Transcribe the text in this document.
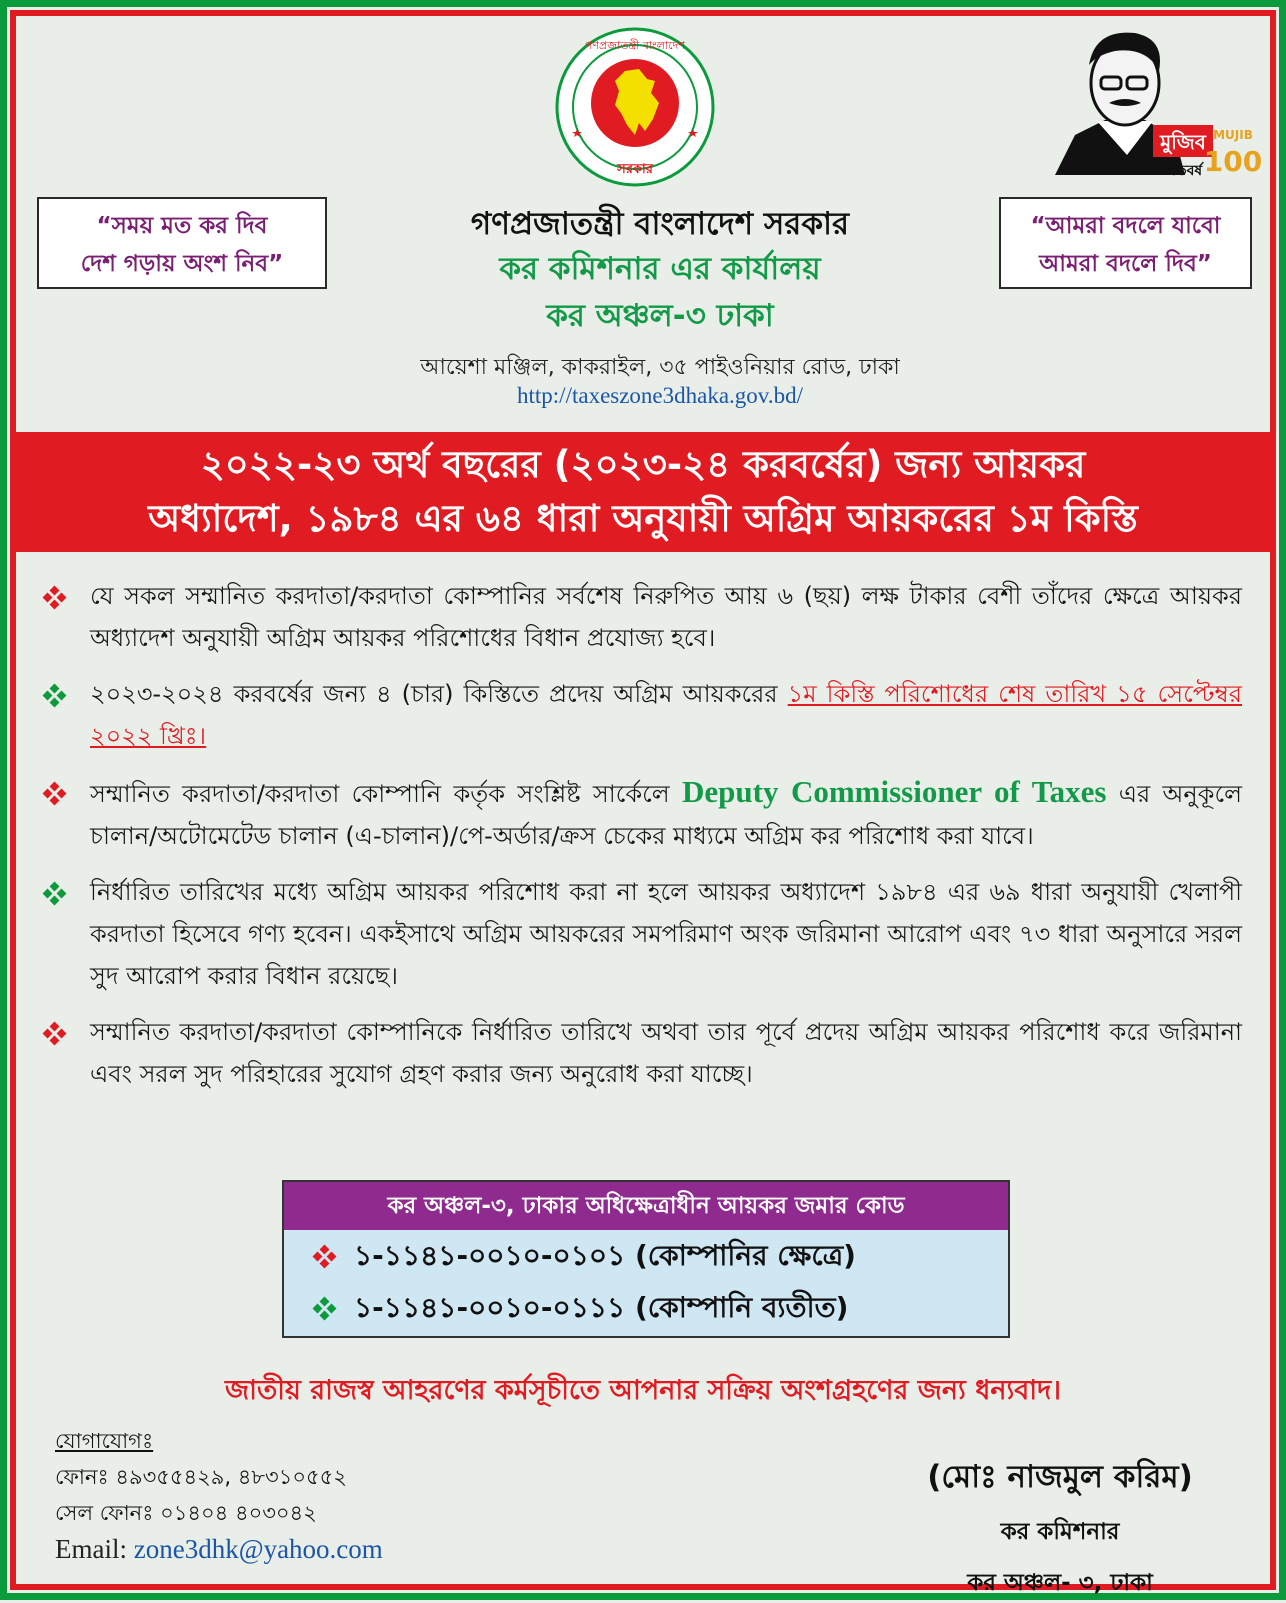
গণপ্রজাতন্ত্রী বাংলাদেশ
সরকার
মুজিব MUJIB
শতবর্ষ 100
“সময় মত কর দিব
দেশ গড়ায় অংশ নিব”
“আমরা বদলে যাবো
আমরা বদলে দিব”
গণপ্রজাতন্ত্রী বাংলাদেশ সরকার
কর কমিশনার এর কার্যালয়
কর অঞ্চল-৩ ঢাকা
আয়েশা মঞ্জিল, কাকরাইল, ৩৫ পাইওনিয়ার রোড, ঢাকা
http://taxeszone3dhaka.gov.bd/
২০২২-২৩ অর্থ বছরের (২০২৩-২৪ করবর্ষের) জন্য আয়কর
অধ্যাদেশ, ১৯৮৪ এর ৬৪ ধারা অনুযায়ী অগ্রিম আয়করের ১ম কিস্তি
যে সকল সম্মানিত করদাতা/করদাতা কোম্পানির সর্বশেষ নিরুপিত আয় ৬ (ছয়) লক্ষ টাকার বেশী তাঁদের ক্ষেত্রে আয়কর অধ্যাদেশ অনুযায়ী অগ্রিম আয়কর পরিশোধের বিধান প্রযোজ্য হবে।
২০২৩-২০২৪ করবর্ষের জন্য ৪ (চার) কিস্তিতে প্রদেয় অগ্রিম আয়করের ১ম কিস্তি পরিশোধের শেষ তারিখ ১৫ সেপ্টেম্বর ২০২২ খ্রিঃ।
সম্মানিত করদাতা/করদাতা কোম্পানি কর্তৃক সংশ্লিষ্ট সার্কেলে Deputy Commissioner of Taxes এর অনুকূলে চালান/অটোমেটেড চালান (এ-চালান)/পে-অর্ডার/ক্রস চেকের মাধ্যমে অগ্রিম কর পরিশোধ করা যাবে।
নির্ধারিত তারিখের মধ্যে অগ্রিম আয়কর পরিশোধ করা না হলে আয়কর অধ্যাদেশ ১৯৮৪ এর ৬৯ ধারা অনুযায়ী খেলাপী করদাতা হিসেবে গণ্য হবেন। একইসাথে অগ্রিম আয়করের সমপরিমাণ অংক জরিমানা আরোপ এবং ৭৩ ধারা অনুসারে সরল সুদ আরোপ করার বিধান রয়েছে।
সম্মানিত করদাতা/করদাতা কোম্পানিকে নির্ধারিত তারিখে অথবা তার পূর্বে প্রদেয় অগ্রিম আয়কর পরিশোধ করে জরিমানা এবং সরল সুদ পরিহারের সুযোগ গ্রহণ করার জন্য অনুরোধ করা যাচ্ছে।
কর অঞ্চল-৩, ঢাকার অধিক্ষেত্রাধীন আয়কর জমার কোড
১-১১৪১-০০১০-০১০১ (কোম্পানির ক্ষেত্রে)
১-১১৪১-০০১০-০১১১ (কোম্পানি ব্যতীত)
জাতীয় রাজস্ব আহরণের কর্মসূচীতে আপনার সক্রিয় অংশগ্রহণের জন্য ধন্যবাদ।
যোগাযোগঃ
ফোনঃ ৪৯৩৫৫৪২৯, ৪৮৩১০৫৫২
সেল ফোনঃ ০১৪০৪ ৪০৩০৪২
Email: zone3dhk@yahoo.com
(মোঃ নাজমুল করিম)
কর কমিশনার
কর অঞ্চল- ৩, ঢাকা
